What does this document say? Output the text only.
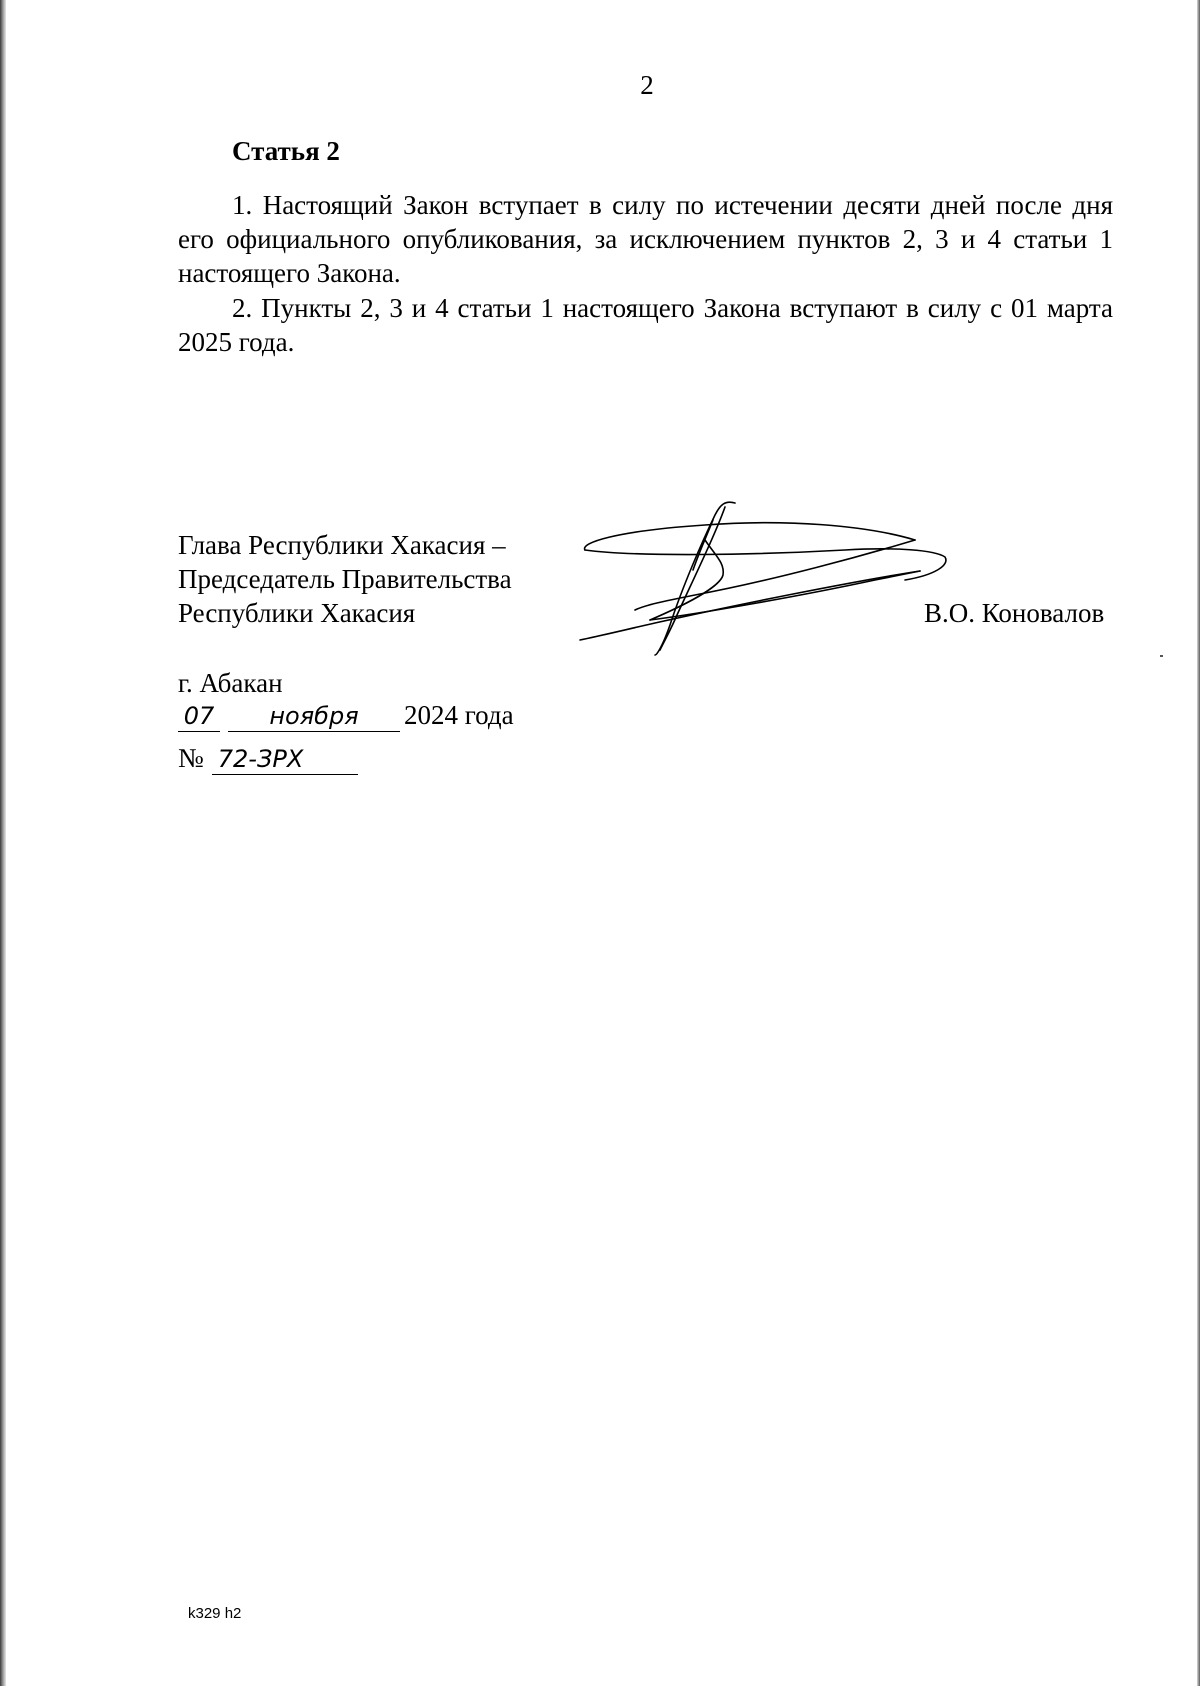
2
Статья 2

1. Настоящий Закон вступает в силу по истечении десяти дней после дня его официального опубликования, за исключением пунктов 2, 3 и 4 статьи 1 настоящего Закона.

2. Пункты 2, 3 и 4 статьи 1 настоящего Закона вступают в силу с 01 марта 2025 года.

Глава Республики Хакасия –
Председатель Правительства
Республики Хакасия	В.О. Коновалов
г. Абакан
07 ноября 2024 года
№ 72-ЗРХ
k329 h2
